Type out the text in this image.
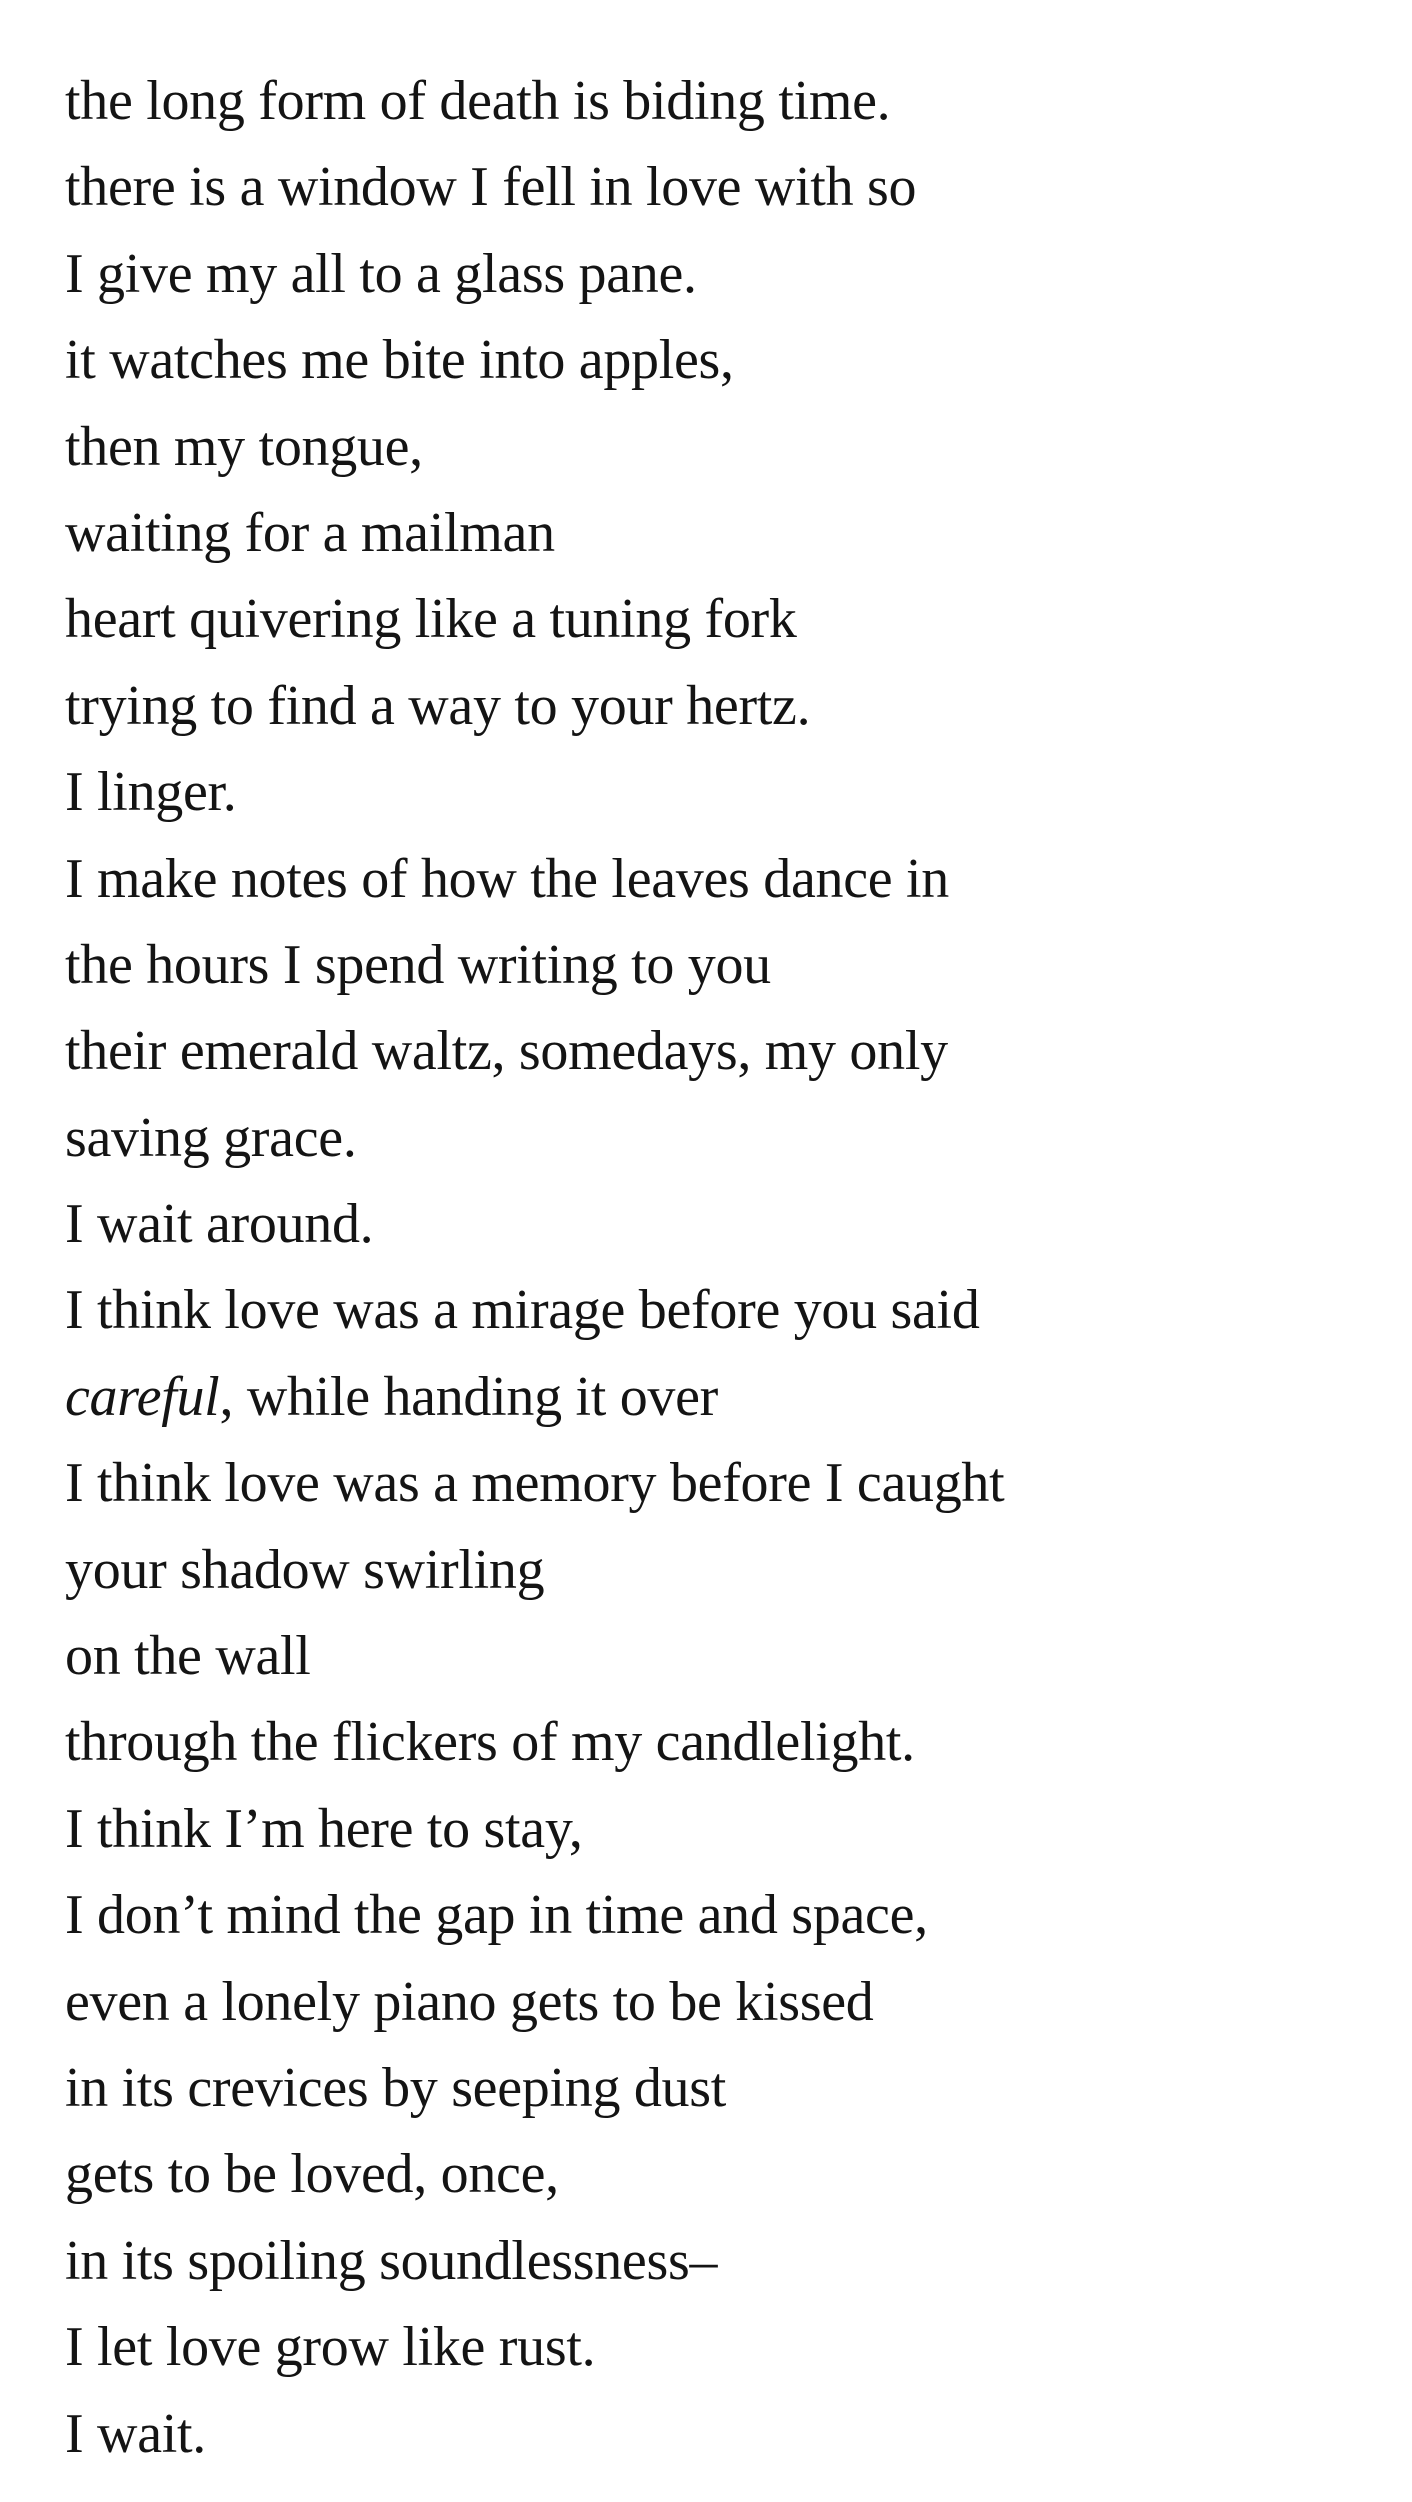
the long form of death is biding time.
there is a window I fell in love with so
I give my all to a glass pane.
it watches me bite into apples,
then my tongue,
waiting for a mailman
heart quivering like a tuning fork
trying to find a way to your hertz.
I linger.
I make notes of how the leaves dance in
the hours I spend writing to you
their emerald waltz, somedays, my only
saving grace.
I wait around.
I think love was a mirage before you said
careful, while handing it over
I think love was a memory before I caught
your shadow swirling
on the wall
through the flickers of my candlelight.
I think I’m here to stay,
I don’t mind the gap in time and space,
even a lonely piano gets to be kissed
in its crevices by seeping dust
gets to be loved, once,
in its spoiling soundlessness–
I let love grow like rust.
I wait.
